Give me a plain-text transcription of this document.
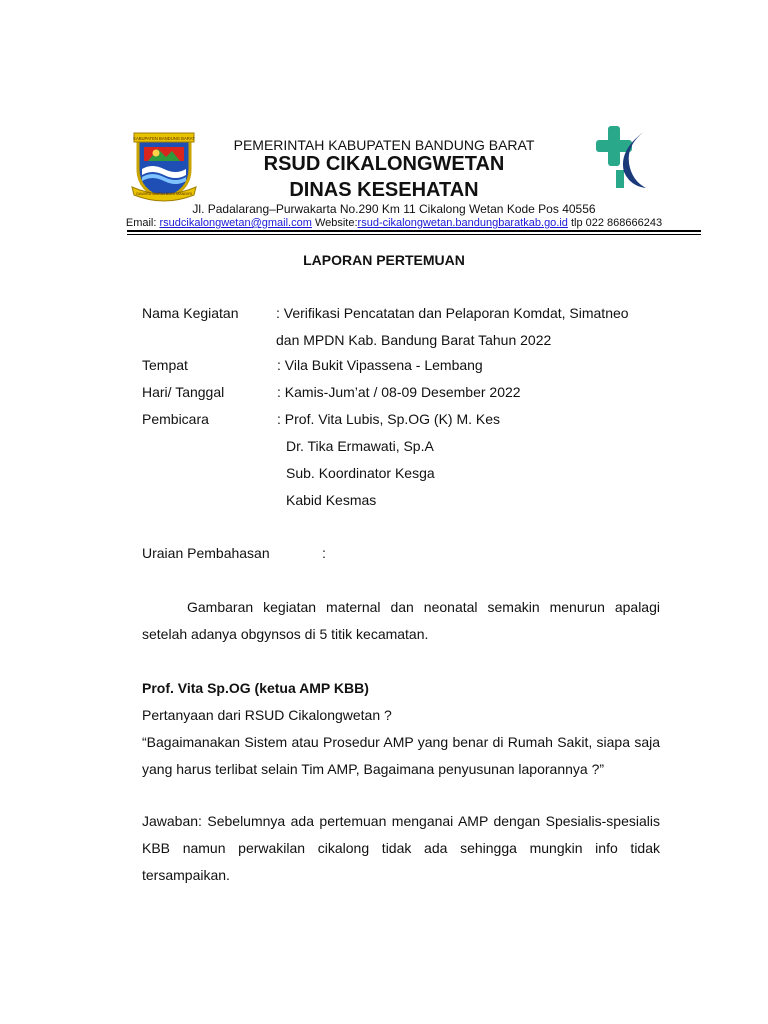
KABUPATEN BANDUNG BARAT
GAWIRA WARGI BUDI MANDIRI
PEMERINTAH KABUPATEN BANDUNG BARAT
RSUD CIKALONGWETAN
DINAS KESEHATAN
Jl. Padalarang–Purwakarta No.290 Km 11 Cikalong Wetan Kode Pos 40556
Email: rsudcikalongwetan@gmail.com Website:rsud-cikalongwetan.bandungbaratkab.go.id tlp 022 868666243
LAPORAN PERTEMUAN
Nama Kegiatan	: Verifikasi Pencatatan dan Pelaporan Komdat, Simatneo
dan MPDN Kab. Bandung Barat Tahun 2022
Tempat	: Vila Bukit Vipassena - Lembang
Hari/ Tanggal	: Kamis-Jum’at / 08-09 Desember 2022
Pembicara	: Prof. Vita Lubis, Sp.OG (K) M. Kes
Dr. Tika Ermawati, Sp.A
Sub. Koordinator Kesga
Kabid Kesmas
Uraian Pembahasan	:
Gambaran kegiatan maternal dan neonatal semakin menurun apalagi setelah adanya obgynsos di 5 titik kecamatan.
Prof. Vita Sp.OG (ketua AMP KBB)
Pertanyaan dari RSUD Cikalongwetan ?
“Bagaimanakan Sistem atau Prosedur AMP yang benar di Rumah Sakit, siapa saja yang harus terlibat selain Tim AMP, Bagaimana penyusunan laporannya ?”
Jawaban: Sebelumnya ada pertemuan menganai AMP dengan Spesialis-spesialis KBB namun perwakilan cikalong tidak ada sehingga mungkin info tidak tersampaikan.
